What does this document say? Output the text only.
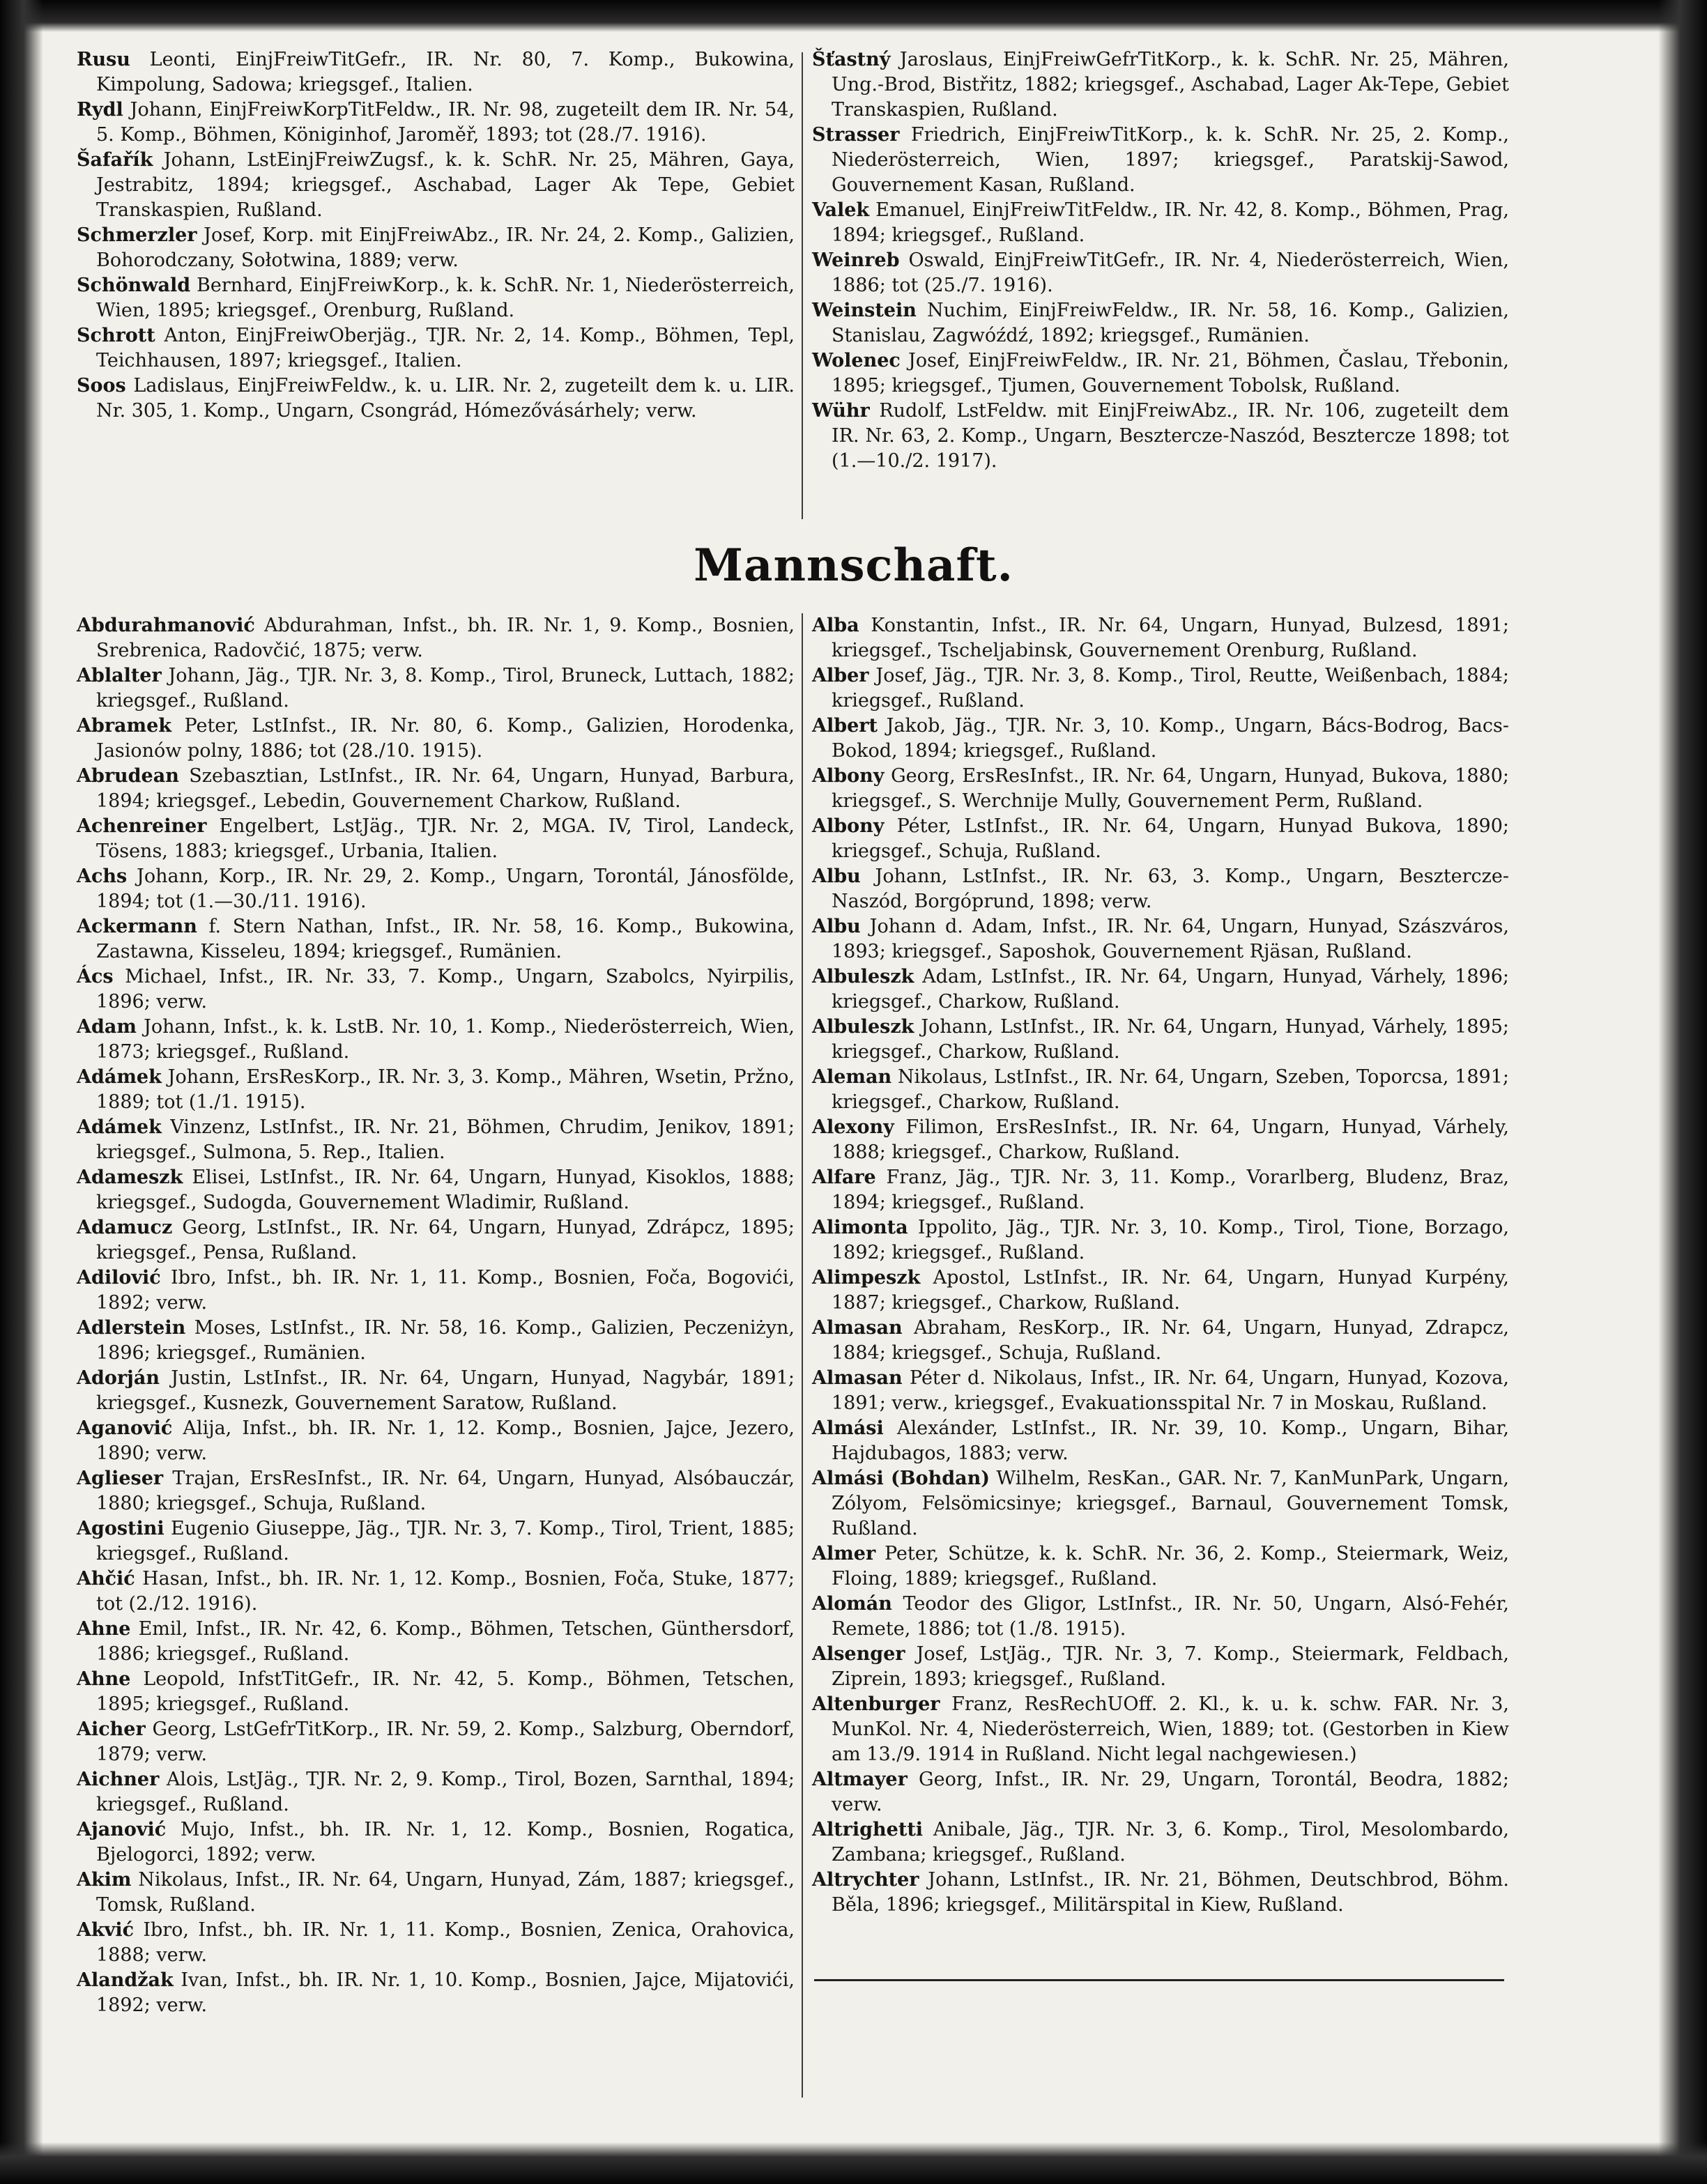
Rusu Leonti, EinjFreiwTitGefr., IR. Nr. 80, 7. Komp., Bukowina, Kimpolung, Sadowa; kriegsgef., Italien.

Rydl Johann, EinjFreiwKorpTitFeldw., IR. Nr. 98, zugeteilt dem IR. Nr. 54, 5. Komp., Böhmen, Königinhof, Jaroměř, 1893; tot (28./7. 1916).

Šafařík Johann, LstEinjFreiwZugsf., k. k. SchR. Nr. 25, Mähren, Gaya, Jestrabitz, 1894; kriegsgef., Aschabad, Lager Ak Tepe, Gebiet Transkaspien, Rußland.

Schmerzler Josef, Korp. mit EinjFreiwAbz., IR. Nr. 24, 2. Komp., Galizien, Bohorodczany, Sołotwina, 1889; verw.

Schönwald Bernhard, EinjFreiwKorp., k. k. SchR. Nr. 1, Niederösterreich, Wien, 1895; kriegsgef., Orenburg, Rußland.

Schrott Anton, EinjFreiwOberjäg., TJR. Nr. 2, 14. Komp., Böhmen, Tepl, Teichhausen, 1897; kriegsgef., Italien.

Soos Ladislaus, EinjFreiwFeldw., k. u. LIR. Nr. 2, zugeteilt dem k. u. LIR. Nr. 305, 1. Komp., Ungarn, Csongrád, Hómezővásárhely; verw.

Šťastný Jaroslaus, EinjFreiwGefrTitKorp., k. k. SchR. Nr. 25, Mähren, Ung.-Brod, Bistřitz, 1882; kriegsgef., Aschabad, Lager Ak-Tepe, Gebiet Transkaspien, Rußland.

Strasser Friedrich, EinjFreiwTitKorp., k. k. SchR. Nr. 25, 2. Komp., Niederösterreich, Wien, 1897; kriegsgef., Paratskij-Sawod, Gouvernement Kasan, Rußland.

Valek Emanuel, EinjFreiwTitFeldw., IR. Nr. 42, 8. Komp., Böhmen, Prag, 1894; kriegsgef., Rußland.

Weinreb Oswald, EinjFreiwTitGefr., IR. Nr. 4, Niederösterreich, Wien, 1886; tot (25./7. 1916).

Weinstein Nuchim, EinjFreiwFeldw., IR. Nr. 58, 16. Komp., Galizien, Stanislau, Zagwóźdź, 1892; kriegsgef., Rumänien.

Wolenec Josef, EinjFreiwFeldw., IR. Nr. 21, Böhmen, Časlau, Třebonin, 1895; kriegsgef., Tjumen, Gouvernement Tobolsk, Rußland.

Wühr Rudolf, LstFeldw. mit EinjFreiwAbz., IR. Nr. 106, zugeteilt dem IR. Nr. 63, 2. Komp., Ungarn, Besztercze-Naszód, Besztercze 1898; tot (1.—10./2. 1917).

Mannschaft.

Abdurahmanović Abdurahman, Infst., bh. IR. Nr. 1, 9. Komp., Bosnien, Srebrenica, Radovčić, 1875; verw.

Ablalter Johann, Jäg., TJR. Nr. 3, 8. Komp., Tirol, Bruneck, Luttach, 1882; kriegsgef., Rußland.

Abramek Peter, LstInfst., IR. Nr. 80, 6. Komp., Galizien, Horodenka, Jasionów polny, 1886; tot (28./10. 1915).

Abrudean Szebasztian, LstInfst., IR. Nr. 64, Ungarn, Hunyad, Barbura, 1894; kriegsgef., Lebedin, Gouvernement Charkow, Rußland.

Achenreiner Engelbert, LstJäg., TJR. Nr. 2, MGA. IV, Tirol, Landeck, Tösens, 1883; kriegsgef., Urbania, Italien.

Achs Johann, Korp., IR. Nr. 29, 2. Komp., Ungarn, Torontál, Jánosfölde, 1894; tot (1.—30./11. 1916).

Ackermann f. Stern Nathan, Infst., IR. Nr. 58, 16. Komp., Bukowina, Zastawna, Kisseleu, 1894; kriegsgef., Rumänien.

Ács Michael, Infst., IR. Nr. 33, 7. Komp., Ungarn, Szabolcs, Nyirpilis, 1896; verw.

Adam Johann, Infst., k. k. LstB. Nr. 10, 1. Komp., Niederösterreich, Wien, 1873; kriegsgef., Rußland.

Adámek Johann, ErsResKorp., IR. Nr. 3, 3. Komp., Mähren, Wsetin, Pržno, 1889; tot (1./1. 1915).

Adámek Vinzenz, LstInfst., IR. Nr. 21, Böhmen, Chrudim, Jenikov, 1891; kriegsgef., Sulmona, 5. Rep., Italien.

Adameszk Elisei, LstInfst., IR. Nr. 64, Ungarn, Hunyad, Kisoklos, 1888; kriegsgef., Sudogda, Gouvernement Wladimir, Rußland.

Adamucz Georg, LstInfst., IR. Nr. 64, Ungarn, Hunyad, Zdrápcz, 1895; kriegsgef., Pensa, Rußland.

Adilović Ibro, Infst., bh. IR. Nr. 1, 11. Komp., Bosnien, Foča, Bogovići, 1892; verw.

Adlerstein Moses, LstInfst., IR. Nr. 58, 16. Komp., Galizien, Peczeniżyn, 1896; kriegsgef., Rumänien.

Adorján Justin, LstInfst., IR. Nr. 64, Ungarn, Hunyad, Nagybár, 1891; kriegsgef., Kusnezk, Gouvernement Saratow, Rußland.

Aganović Alija, Infst., bh. IR. Nr. 1, 12. Komp., Bosnien, Jajce, Jezero, 1890; verw.

Aglieser Trajan, ErsResInfst., IR. Nr. 64, Ungarn, Hunyad, Alsóbauczár, 1880; kriegsgef., Schuja, Rußland.

Agostini Eugenio Giuseppe, Jäg., TJR. Nr. 3, 7. Komp., Tirol, Trient, 1885; kriegsgef., Rußland.

Ahčić Hasan, Infst., bh. IR. Nr. 1, 12. Komp., Bosnien, Foča, Stuke, 1877; tot (2./12. 1916).

Ahne Emil, Infst., IR. Nr. 42, 6. Komp., Böhmen, Tetschen, Günthersdorf, 1886; kriegsgef., Rußland.

Ahne Leopold, InfstTitGefr., IR. Nr. 42, 5. Komp., Böhmen, Tetschen, 1895; kriegsgef., Rußland.

Aicher Georg, LstGefrTitKorp., IR. Nr. 59, 2. Komp., Salzburg, Oberndorf, 1879; verw.

Aichner Alois, LstJäg., TJR. Nr. 2, 9. Komp., Tirol, Bozen, Sarnthal, 1894; kriegsgef., Rußland.

Ajanović Mujo, Infst., bh. IR. Nr. 1, 12. Komp., Bosnien, Rogatica, Bjelogorci, 1892; verw.

Akim Nikolaus, Infst., IR. Nr. 64, Ungarn, Hunyad, Zám, 1887; kriegsgef., Tomsk, Rußland.

Akvić Ibro, Infst., bh. IR. Nr. 1, 11. Komp., Bosnien, Zenica, Orahovica, 1888; verw.

Alandžak Ivan, Infst., bh. IR. Nr. 1, 10. Komp., Bosnien, Jajce, Mijatovići, 1892; verw.

Alba Konstantin, Infst., IR. Nr. 64, Ungarn, Hunyad, Bulzesd, 1891; kriegsgef., Tscheljabinsk, Gouvernement Orenburg, Rußland.

Alber Josef, Jäg., TJR. Nr. 3, 8. Komp., Tirol, Reutte, Weißenbach, 1884; kriegsgef., Rußland.

Albert Jakob, Jäg., TJR. Nr. 3, 10. Komp., Ungarn, Bács-Bodrog, Bacs-Bokod, 1894; kriegsgef., Rußland.

Albony Georg, ErsResInfst., IR. Nr. 64, Ungarn, Hunyad, Bukova, 1880; kriegsgef., S. Werchnije Mully, Gouvernement Perm, Rußland.

Albony Péter, LstInfst., IR. Nr. 64, Ungarn, Hunyad Bukova, 1890; kriegsgef., Schuja, Rußland.

Albu Johann, LstInfst., IR. Nr. 63, 3. Komp., Ungarn, Besztercze-Naszód, Borgóprund, 1898; verw.

Albu Johann d. Adam, Infst., IR. Nr. 64, Ungarn, Hunyad, Szászváros, 1893; kriegsgef., Saposhok, Gouvernement Rjäsan, Rußland.

Albuleszk Adam, LstInfst., IR. Nr. 64, Ungarn, Hunyad, Várhely, 1896; kriegsgef., Charkow, Rußland.

Albuleszk Johann, LstInfst., IR. Nr. 64, Ungarn, Hunyad, Várhely, 1895; kriegsgef., Charkow, Rußland.

Aleman Nikolaus, LstInfst., IR. Nr. 64, Ungarn, Szeben, Toporcsa, 1891; kriegsgef., Charkow, Rußland.

Alexony Filimon, ErsResInfst., IR. Nr. 64, Ungarn, Hunyad, Várhely, 1888; kriegsgef., Charkow, Rußland.

Alfare Franz, Jäg., TJR. Nr. 3, 11. Komp., Vorarlberg, Bludenz, Braz, 1894; kriegsgef., Rußland.

Alimonta Ippolito, Jäg., TJR. Nr. 3, 10. Komp., Tirol, Tione, Borzago, 1892; kriegsgef., Rußland.

Alimpeszk Apostol, LstInfst., IR. Nr. 64, Ungarn, Hunyad Kurpény, 1887; kriegsgef., Charkow, Rußland.

Almasan Abraham, ResKorp., IR. Nr. 64, Ungarn, Hunyad, Zdrapcz, 1884; kriegsgef., Schuja, Rußland.

Almasan Péter d. Nikolaus, Infst., IR. Nr. 64, Ungarn, Hunyad, Kozova, 1891; verw., kriegsgef., Evakuationsspital Nr. 7 in Moskau, Rußland.

Almási Alexánder, LstInfst., IR. Nr. 39, 10. Komp., Ungarn, Bihar, Hajdubagos, 1883; verw.

Almási (Bohdan) Wilhelm, ResKan., GAR. Nr. 7, KanMunPark, Ungarn, Zólyom, Felsömicsinye; kriegsgef., Barnaul, Gouvernement Tomsk, Rußland.

Almer Peter, Schütze, k. k. SchR. Nr. 36, 2. Komp., Steiermark, Weiz, Floing, 1889; kriegsgef., Rußland.

Alomán Teodor des Gligor, LstInfst., IR. Nr. 50, Ungarn, Alsó-Fehér, Remete, 1886; tot (1./8. 1915).

Alsenger Josef, LstJäg., TJR. Nr. 3, 7. Komp., Steiermark, Feldbach, Ziprein, 1893; kriegsgef., Rußland.

Altenburger Franz, ResRechUOff. 2. Kl., k. u. k. schw. FAR. Nr. 3, MunKol. Nr. 4, Niederösterreich, Wien, 1889; tot. (Gestorben in Kiew am 13./9. 1914 in Rußland. Nicht legal nachgewiesen.)

Altmayer Georg, Infst., IR. Nr. 29, Ungarn, Torontál, Beodra, 1882; verw.

Altrighetti Anibale, Jäg., TJR. Nr. 3, 6. Komp., Tirol, Mesolombardo, Zambana; kriegsgef., Rußland.

Altrychter Johann, LstInfst., IR. Nr. 21, Böhmen, Deutschbrod, Böhm. Běla, 1896; kriegsgef., Militärspital in Kiew, Rußland.
